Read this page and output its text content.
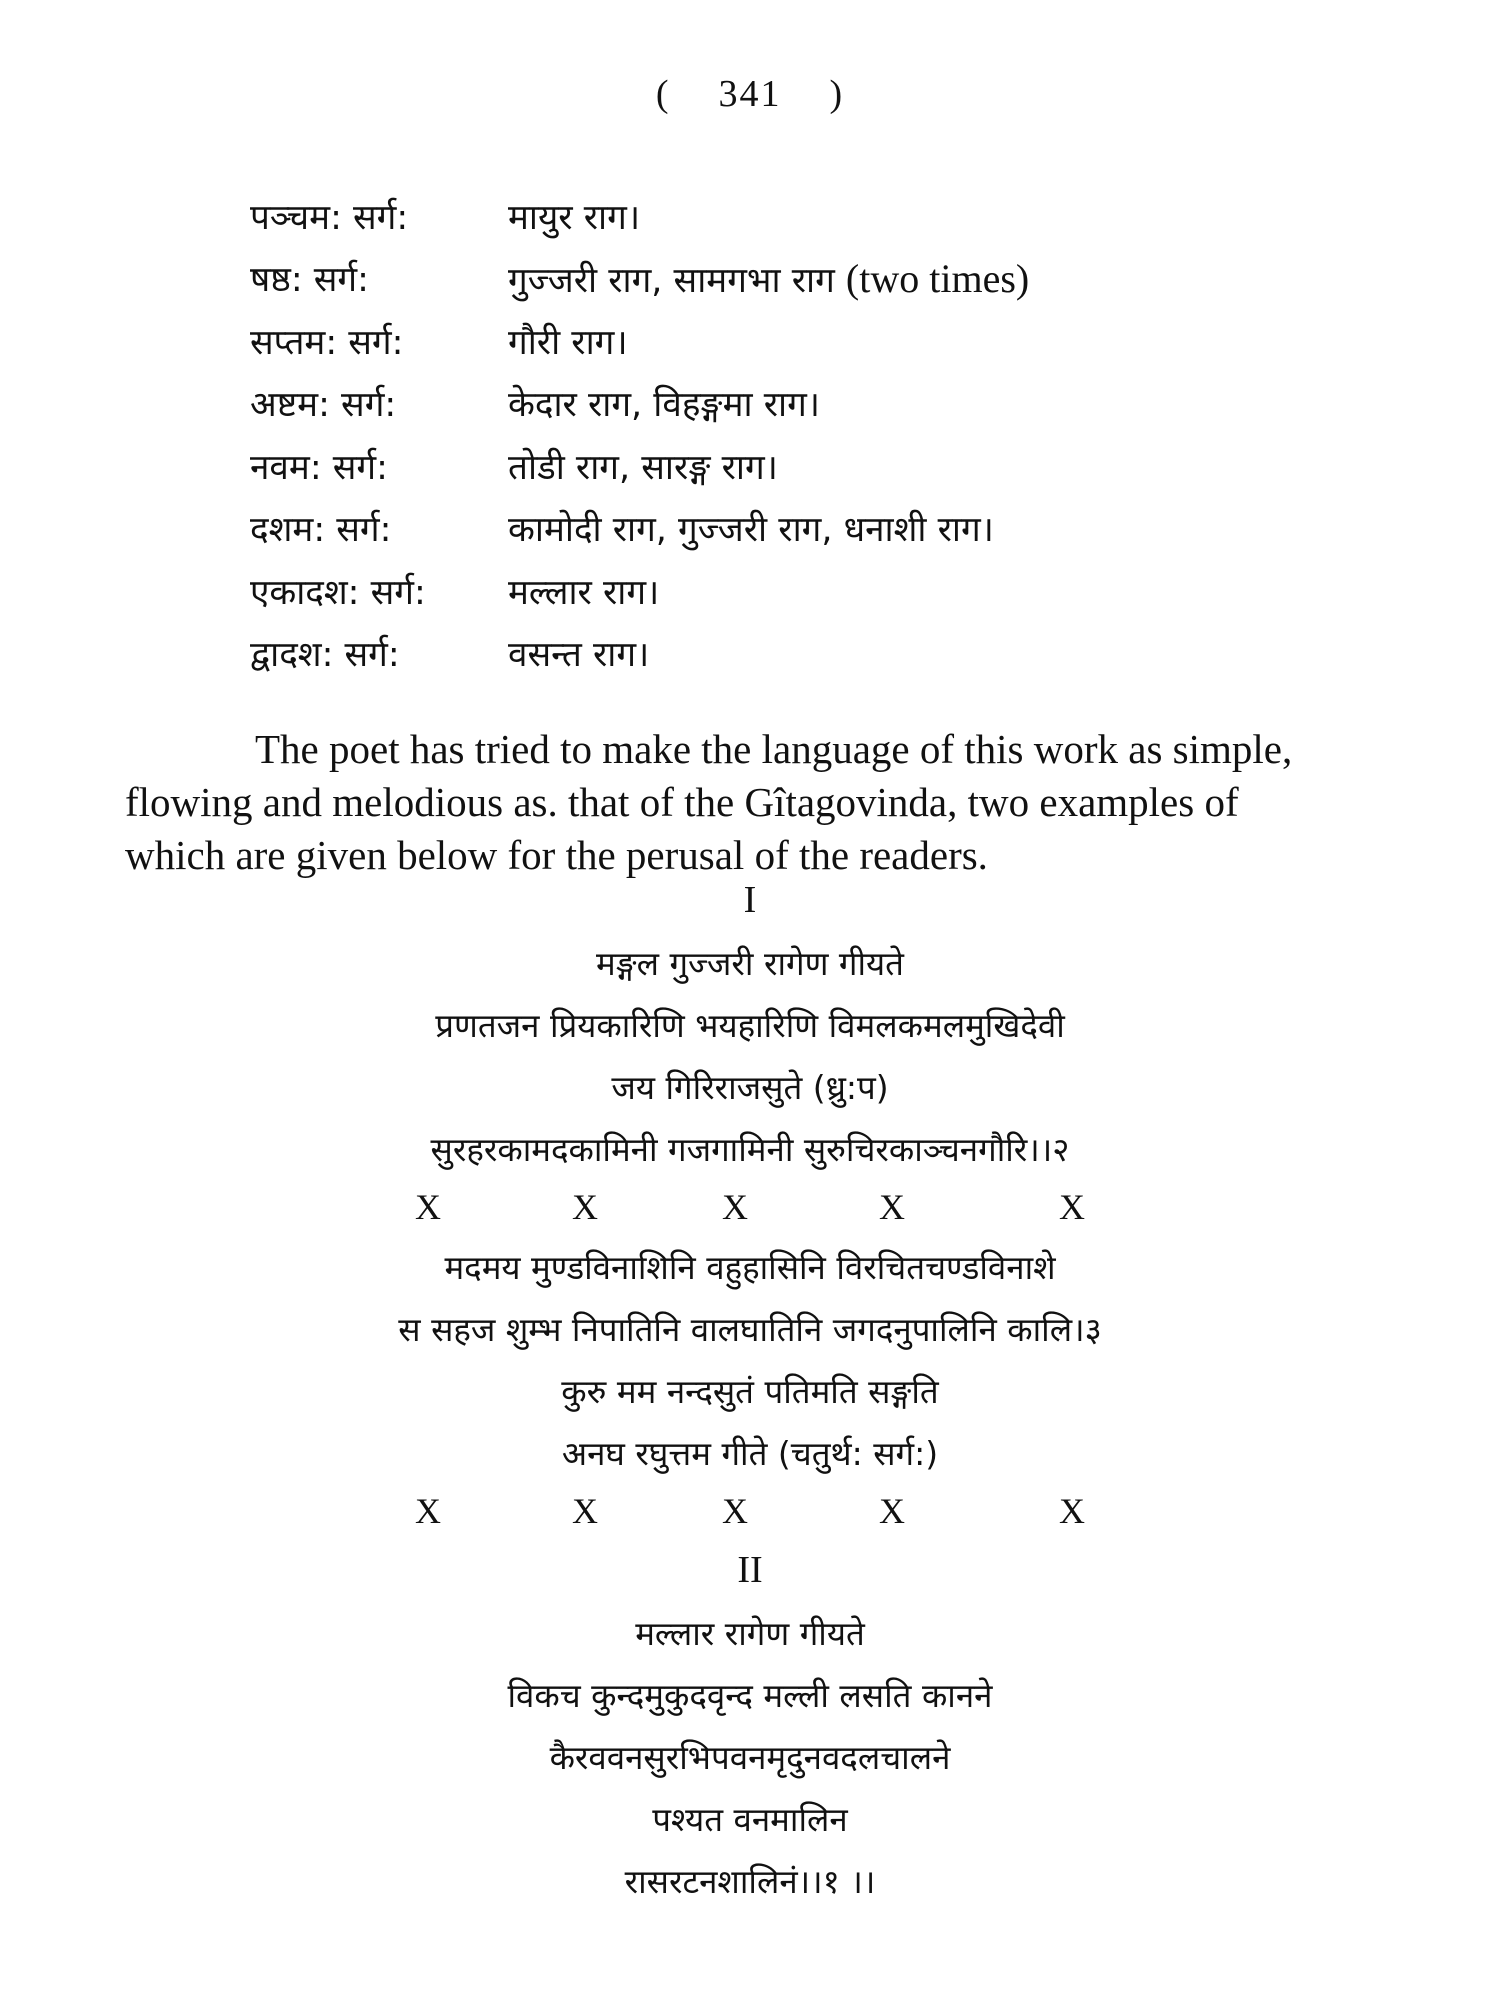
( 341 )
पञ्चम: सर्ग:	मायुर राग।
षष्ठ: सर्ग:	गुज्जरी राग, सामगभा राग (two times)
सप्तम: सर्ग:	गौरी राग।
अष्टम: सर्ग:	केदार राग, विहङ्गमा राग।
नवम: सर्ग:	तोडी राग, सारङ्ग राग।
दशम: सर्ग:	कामोदी राग, गुज्जरी राग, धनाशी राग।
एकादश: सर्ग:	मल्लार राग।
द्वादश: सर्ग:	वसन्त राग।
The poet has tried to make the language of this work as simple,
flowing and melodious as. that of the Gîtagovinda, two examples of
which are given below for the perusal of the readers.
I
मङ्गल गुज्जरी रागेण गीयते
प्रणतजन प्रियकारिणि भयहारिणि विमलकमलमुखिदेवी
जय गिरिराजसुते (ध्रु:प)
सुरहरकामदकामिनी गजगामिनी सुरुचिरकाञ्चनगौरि।।२
X	X	X	X	X
मदमय मुण्डविनाशिनि वहुहासिनि विरचितचण्डविनाशे
स सहज शुम्भ निपातिनि वालघातिनि जगदनुपालिनि कालि।३
कुरु मम नन्दसुतं पतिमति सङ्गति
अनघ रघुत्तम गीते (चतुर्थ: सर्ग:)
X	X	X	X	X
II
मल्लार रागेण गीयते
विकच कुन्दमुकुदवृन्द मल्ली लसति कानने
कैरववनसुरभिपवनमृदुनवदलचालने
पश्यत वनमालिन
रासरटनशालिनं।।१ ।।
